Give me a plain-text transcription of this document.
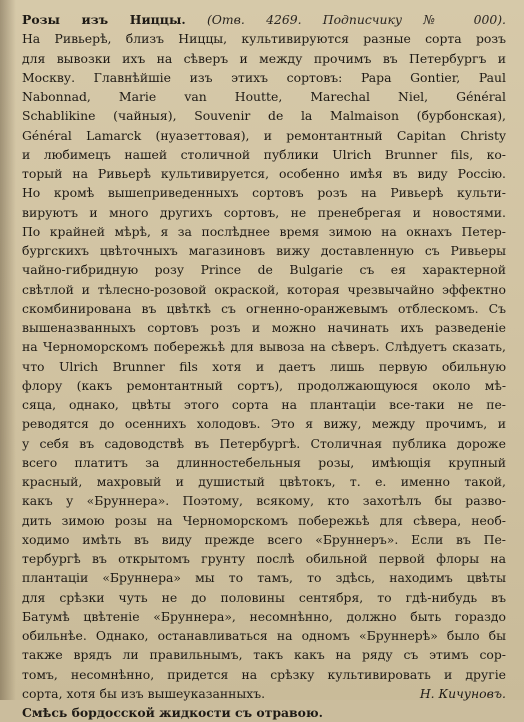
Розы изъ Ниццы. (Отв. 4269. Подписчику № 000).
На Ривьерѣ, близъ Ниццы, культивируются разные сорта розъ
для вывозки ихъ на сѣверъ и между прочимъ въ Петербургъ и
Москву. Главнѣйшіе изъ этихъ сортовъ: Papa Gontier, Paul
Nabonnad, Marie van Houtte, Marechal Niel, Général
Schablikine (чайныя), Souvenir de la Malmaison (бурбонская),
Général Lamarck (нуазеттовая), и ремонтантный Capitan Christy
и любимецъ нашей столичной публики Ulrich Brunner fils, ко-
торый на Ривьерѣ культивируется, особенно имѣя въ виду Россію.
Но кромѣ вышеприведенныхъ сортовъ розъ на Ривьерѣ культи-
вируютъ и много другихъ сортовъ, не пренебрегая и новостями.
По крайней мѣрѣ, я за послѣднее время зимою на окнахъ Петер-
бургскихъ цвѣточныхъ магазиновъ вижу доставленную съ Ривьеры
чайно-гибридную розу Prince de Bulgarie съ ея характерной
свѣтлой и тѣлесно-розовой окраской, которая чрезвычайно эффектно
скомбинирована въ цвѣткѣ съ огненно-оранжевымъ отблескомъ. Съ
вышеназванныхъ сортовъ розъ и можно начинать ихъ разведеніе
на Черноморскомъ побережьѣ для вывоза на сѣверъ. Слѣдуетъ сказать,
что Ulrich Brunner fils хотя и даетъ лишь первую обильную
флору (какъ ремонтантный сортъ), продолжающуюся около мѣ-
сяца, однако, цвѣты этого сорта на плантаціи все-таки не пе-
реводятся до осеннихъ холодовъ. Это я вижу, между прочимъ, и
у себя въ садоводствѣ въ Петербургѣ. Столичная публика дороже
всего платитъ за длинностебельныя розы, имѣющія крупный
красный, махровый и душистый цвѣтокъ, т. е. именно такой,
какъ у «Бруннера». Поэтому, всякому, кто захотѣлъ бы разво-
дить зимою розы на Черноморскомъ побережьѣ для сѣвера, необ-
ходимо имѣть въ виду прежде всего «Бруннеръ». Если въ Пе-
тербургѣ въ открытомъ грунту послѣ обильной первой флоры на
плантаціи «Бруннера» мы то тамъ, то здѣсь, находимъ цвѣты
для срѣзки чуть не до половины сентября, то гдѣ-нибудь въ
Батумѣ цвѣтеніе «Бруннера», несомнѣнно, должно быть гораздо
обильнѣе. Однако, останавливаться на одномъ «Бруннерѣ» было бы
также врядъ ли правильнымъ, такъ какъ на ряду съ этимъ сор-
томъ, несомнѣнно, придется на срѣзку культивировать и другіе
сорта, хотя бы изъ вышеуказанныхъ.	Н. Кичуновъ.
Смѣсь бордосской жидкости съ отравою.
